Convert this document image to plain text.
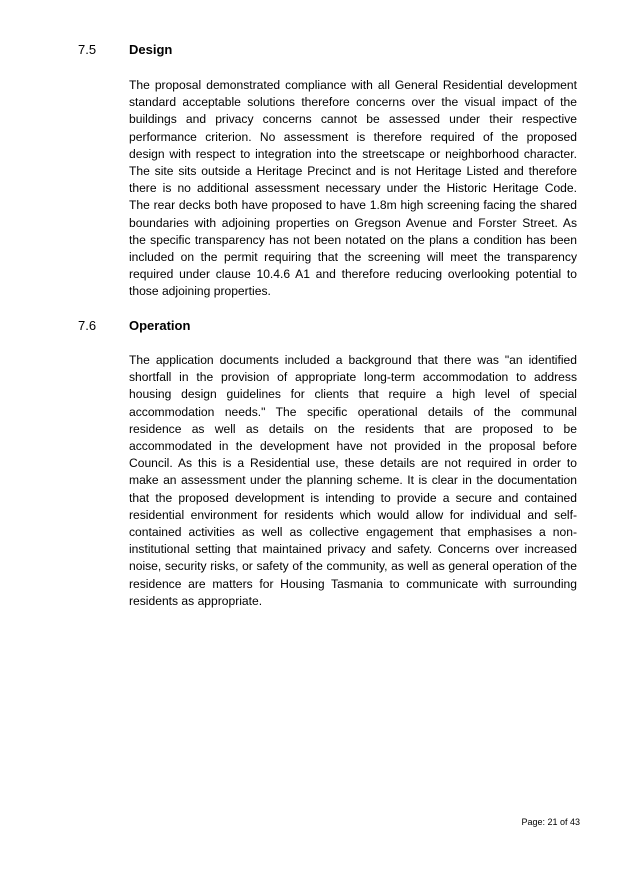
7.5	Design
The proposal demonstrated compliance with all General Residential development
standard acceptable solutions therefore concerns over the visual impact of the
buildings and privacy concerns cannot be assessed under their respective
performance criterion. No assessment is therefore required of the proposed
design with respect to integration into the streetscape or neighborhood character.
The site sits outside a Heritage Precinct and is not Heritage Listed and therefore
there is no additional assessment necessary under the Historic Heritage Code.
The rear decks both have proposed to have 1.8m high screening facing the shared
boundaries with adjoining properties on Gregson Avenue and Forster Street. As
the specific transparency has not been notated on the plans a condition has been
included on the permit requiring that the screening will meet the transparency
required under clause 10.4.6 A1 and therefore reducing overlooking potential to
those adjoining properties.
7.6	Operation
The application documents included a background that there was "an identified
shortfall in the provision of appropriate long-term accommodation to address
housing design guidelines for clients that require a high level of special
accommodation needs." The specific operational details of the communal
residence as well as details on the residents that are proposed to be
accommodated in the development have not provided in the proposal before
Council. As this is a Residential use, these details are not required in order to
make an assessment under the planning scheme. It is clear in the documentation
that the proposed development is intending to provide a secure and contained
residential environment for residents which would allow for individual and self-
contained activities as well as collective engagement that emphasises a non-
institutional setting that maintained privacy and safety. Concerns over increased
noise, security risks, or safety of the community, as well as general operation of the
residence are matters for Housing Tasmania to communicate with surrounding
residents as appropriate.
Page: 21 of 43
